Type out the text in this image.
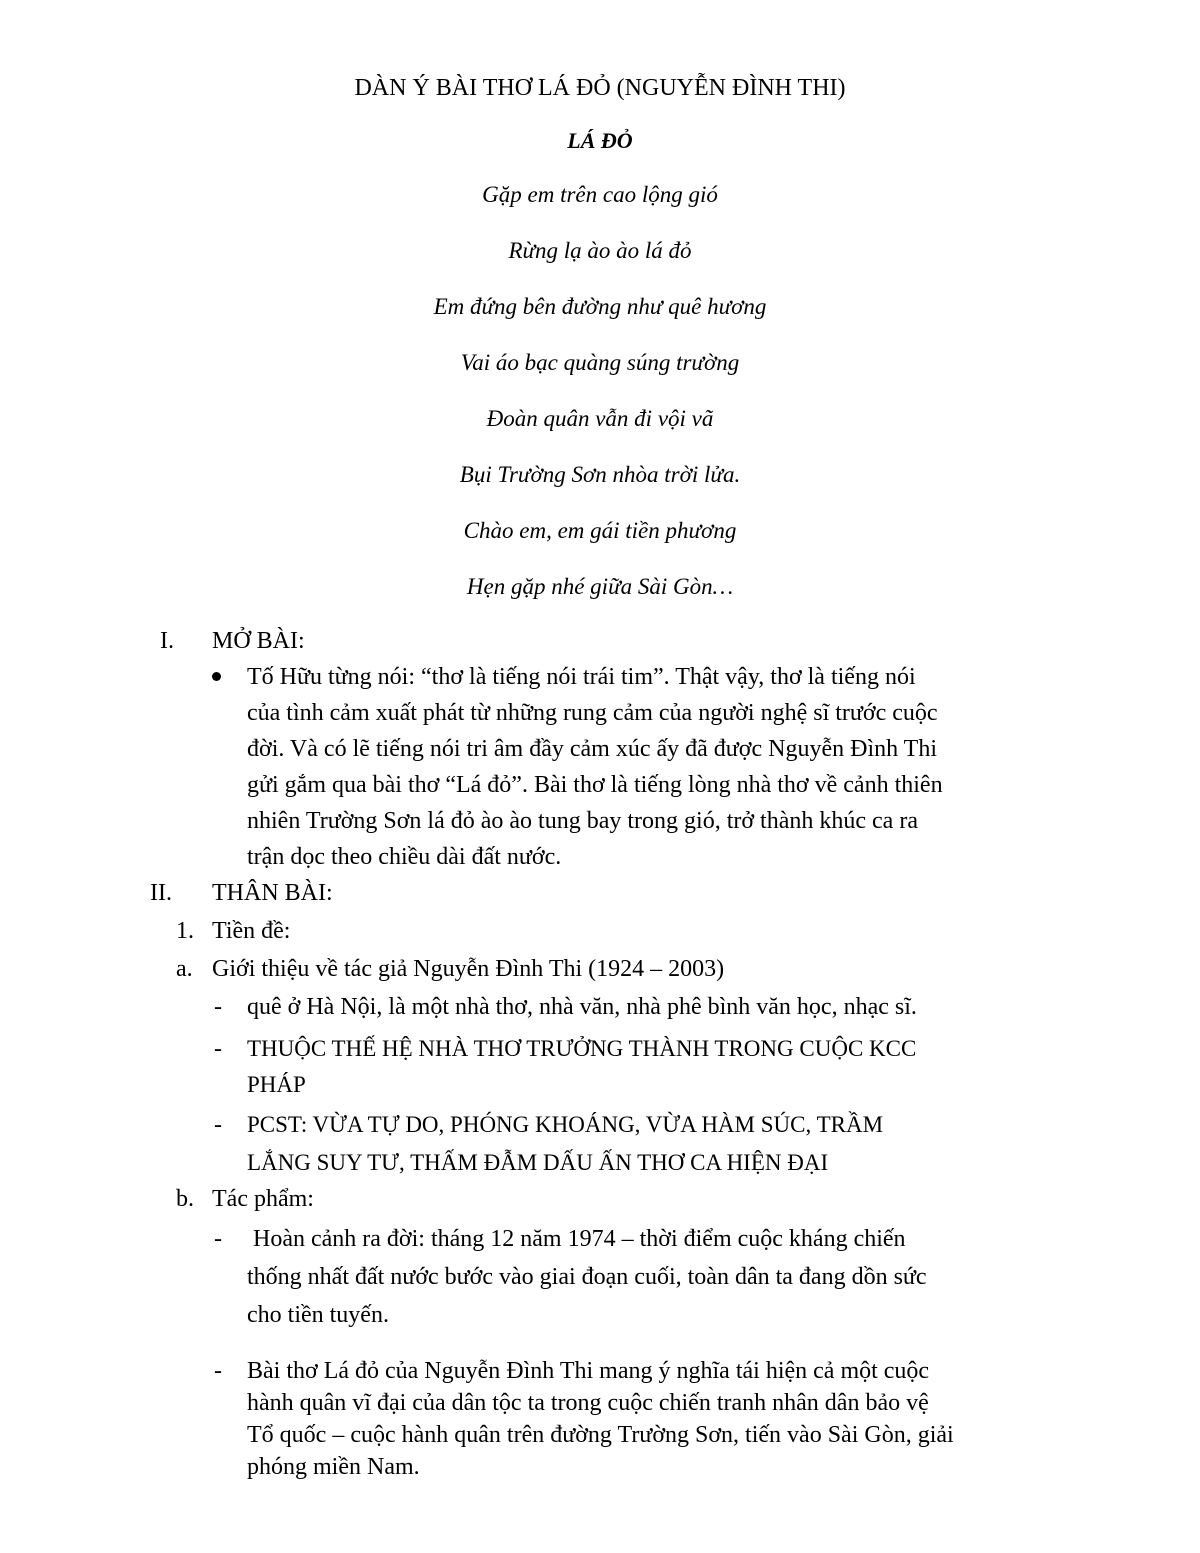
DÀN Ý BÀI THƠ LÁ ĐỎ (NGUYỄN ĐÌNH THI)
LÁ ĐỎ
Gặp em trên cao lộng gió
Rừng lạ ào ào lá đỏ
Em đứng bên đường như quê hương
Vai áo bạc quàng súng trường
Đoàn quân vẫn đi vội vã
Bụi Trường Sơn nhòa trời lửa.
Chào em, em gái tiền phương
Hẹn gặp nhé giữa Sài Gòn…
I. MỞ BÀI:
Tố Hữu từng nói: “thơ là tiếng nói trái tim”. Thật vậy, thơ là tiếng nói
của tình cảm xuất phát từ những rung cảm của người nghệ sĩ trước cuộc
đời. Và có lẽ tiếng nói tri âm đầy cảm xúc ấy đã được Nguyễn Đình Thi
gửi gắm qua bài thơ “Lá đỏ”. Bài thơ là tiếng lòng nhà thơ về cảnh thiên
nhiên Trường Sơn lá đỏ ào ào tung bay trong gió, trở thành khúc ca ra
trận dọc theo chiều dài đất nước.
II. THÂN BÀI:
1. Tiền đề:
a. Giới thiệu về tác giả Nguyễn Đình Thi (1924 – 2003)
- quê ở Hà Nội, là một nhà thơ, nhà văn, nhà phê bình văn học, nhạc sĩ.
- THUỘC THẾ HỆ NHÀ THƠ TRƯỞNG THÀNH TRONG CUỘC KCC
PHÁP
- PCST: VỪA TỰ DO, PHÓNG KHOÁNG, VỪA HÀM SÚC, TRẦM
LẮNG SUY TƯ, THẤM ĐẪM DẤU ẤN THƠ CA HIỆN ĐẠI
b. Tác phẩm:
- Hoàn cảnh ra đời: tháng 12 năm 1974 – thời điểm cuộc kháng chiến
thống nhất đất nước bước vào giai đoạn cuối, toàn dân ta đang dồn sức
cho tiền tuyến.
- Bài thơ Lá đỏ của Nguyễn Đình Thi mang ý nghĩa tái hiện cả một cuộc
hành quân vĩ đại của dân tộc ta trong cuộc chiến tranh nhân dân bảo vệ
Tổ quốc – cuộc hành quân trên đường Trường Sơn, tiến vào Sài Gòn, giải
phóng miền Nam.
